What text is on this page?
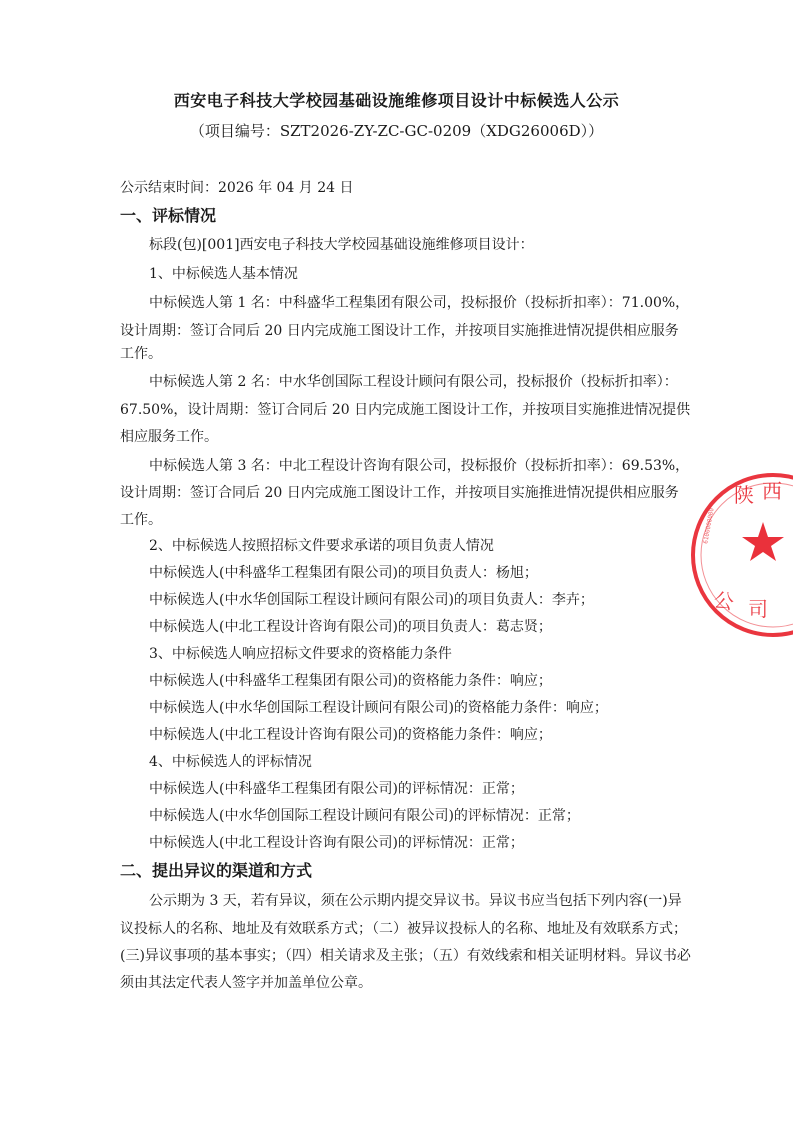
西安电子科技大学校园基础设施维修项目设计中标候选人公示
（项目编号：SZT2026-ZY-ZC-GC-0209（XDG26006D））
公示结束时间：2026 年 04 月 24 日
一、评标情况
标段(包)[001]西安电子科技大学校园基础设施维修项目设计：
1、中标候选人基本情况
中标候选人第 1 名：中科盛华工程集团有限公司，投标报价（投标折扣率）：71.00%，
设计周期：签订合同后 20 日内完成施工图设计工作，并按项目实施推进情况提供相应服务
工作。
中标候选人第 2 名：中水华创国际工程设计顾问有限公司，投标报价（投标折扣率）：
67.50%，设计周期：签订合同后 20 日内完成施工图设计工作，并按项目实施推进情况提供
相应服务工作。
中标候选人第 3 名：中北工程设计咨询有限公司，投标报价（投标折扣率）：69.53%，
设计周期：签订合同后 20 日内完成施工图设计工作，并按项目实施推进情况提供相应服务
工作。
2、中标候选人按照招标文件要求承诺的项目负责人情况
中标候选人(中科盛华工程集团有限公司)的项目负责人：杨旭；
中标候选人(中水华创国际工程设计顾问有限公司)的项目负责人：李卉；
中标候选人(中北工程设计咨询有限公司)的项目负责人：葛志贤；
3、中标候选人响应招标文件要求的资格能力条件
中标候选人(中科盛华工程集团有限公司)的资格能力条件：响应；
中标候选人(中水华创国际工程设计顾问有限公司)的资格能力条件：响应；
中标候选人(中北工程设计咨询有限公司)的资格能力条件：响应；
4、中标候选人的评标情况
中标候选人(中科盛华工程集团有限公司)的评标情况：正常；
中标候选人(中水华创国际工程设计顾问有限公司)的评标情况：正常；
中标候选人(中北工程设计咨询有限公司)的评标情况：正常；
二、提出异议的渠道和方式
公示期为 3 天，若有异议，须在公示期内提交异议书。异议书应当包括下列内容(一)异
议投标人的名称、地址及有效联系方式；（二）被异议投标人的名称、地址及有效联系方式；
(三)异议事项的基本事实；（四）相关请求及主张；（五）有效线索和相关证明材料。异议书必
须由其法定代表人签字并加盖单位公章。
陕 西
公 司
6100000000
